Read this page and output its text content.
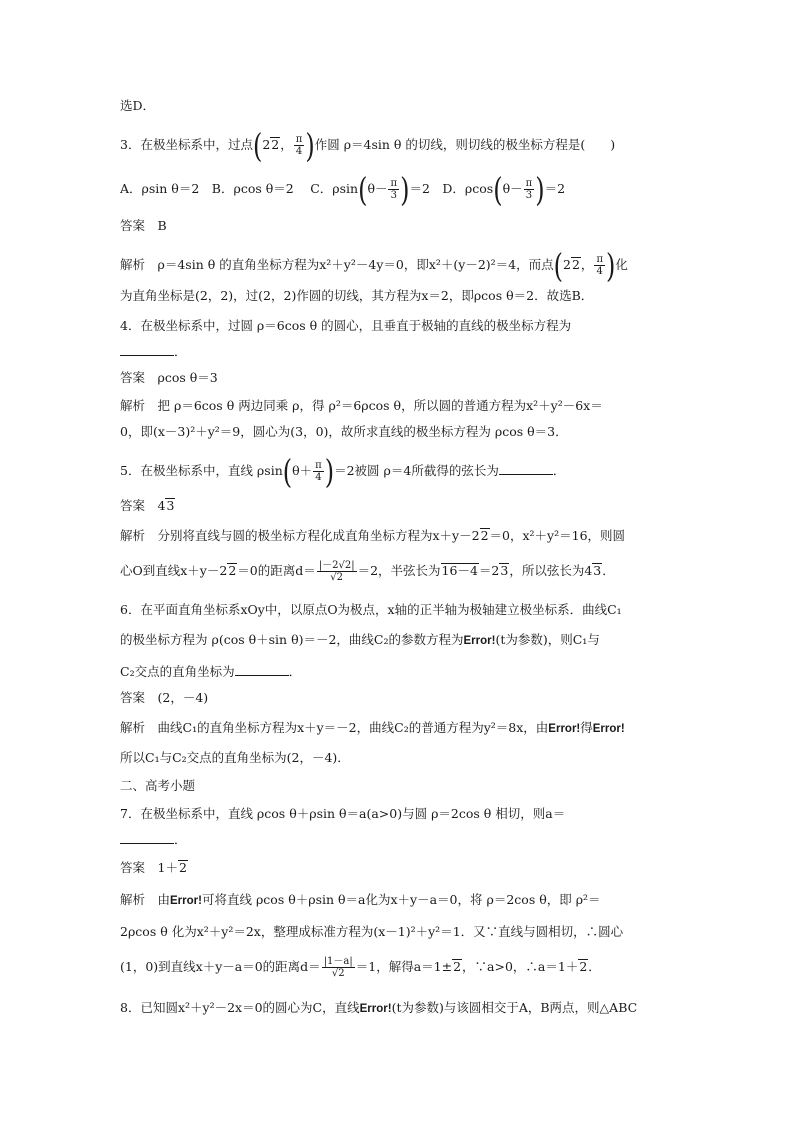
选D．
3．在极坐标系中，过点(22， $\frac{\pi}{4}$ )作圆 ρ＝4sin θ 的切线，则切线的极坐标方程是(　　)
A．ρsin θ＝2　B．ρcos θ＝2　 C．$\rho\sin(\theta- \frac{\pi}{3} )=2$　D．$\rho\cos(\theta- \frac{\pi}{3} )=2$
答案　B
解析　ρ＝4sin θ 的直角坐标方程为x²＋y²－4y＝0，即x²＋(y－2)²＝4，而点(22， $\frac{\pi}{4}$ )化
为直角坐标是(2，2)，过(2，2)作圆的切线，其方程为x＝2，即ρcos θ＝2．故选B．
4．在极坐标系中，过圆 ρ＝6cos θ 的圆心，且垂直于极轴的直线的极坐标方程为
．
答案　ρcos θ＝3
解析　把 ρ＝6cos θ 两边同乘 ρ，得 ρ²＝6ρcos θ，所以圆的普通方程为x²＋y²－6x＝
0，即(x－3)²＋y²＝9，圆心为(3，0)，故所求直线的极坐标方程为 ρcos θ＝3．
5．在极坐标系中，直线 $\rho\sin(\theta+ \frac{\pi}{4} )=2$被圆 ρ＝4所截得的弦长为	．
答案　43
解析　分别将直线与圆的极坐标方程化成直角坐标方程为x＋y－22＝0，x²＋y²＝16，则圆
心O到直线x＋y－22＝0的距离$d= \frac{|-2√2|}{√2} =2$，半弦长为16－4＝23，所以弦长为43．
6．在平面直角坐标系xOy中，以原点O为极点，x轴的正半轴为极轴建立极坐标系．曲线C₁
的极坐标方程为 ρ(cos θ＋sin θ)＝－2，曲线C₂的参数方程为Error!(t为参数)，则C₁与
C₂交点的直角坐标为	．
答案　(2，－4)
解析　曲线C₁的直角坐标方程为x＋y＝－2，曲线C₂的普通方程为y²＝8x，由Error!得Error!
所以C₁与C₂交点的直角坐标为(2，－4)．
二、高考小题
7．在极坐标系中，直线 ρcos θ＋ρsin θ＝a(a>0)与圆 ρ＝2cos θ 相切，则a＝
．
答案　1＋2
解析　由Error!可将直线 ρcos θ＋ρsin θ＝a化为x＋y－a＝0，将 ρ＝2cos θ，即 ρ²＝
2ρcos θ 化为x²＋y²＝2x，整理成标准方程为(x－1)²＋y²＝1．又∵直线与圆相切，∴圆心
(1，0)到直线x＋y－a＝0的距离$d= \frac{|1-a|}{√2} =1$，解得a＝1±2，∵a>0，∴a＝1＋2．
8．已知圆x²＋y²－2x＝0的圆心为C，直线Error!(t为参数)与该圆相交于A，B两点，则△ABC
